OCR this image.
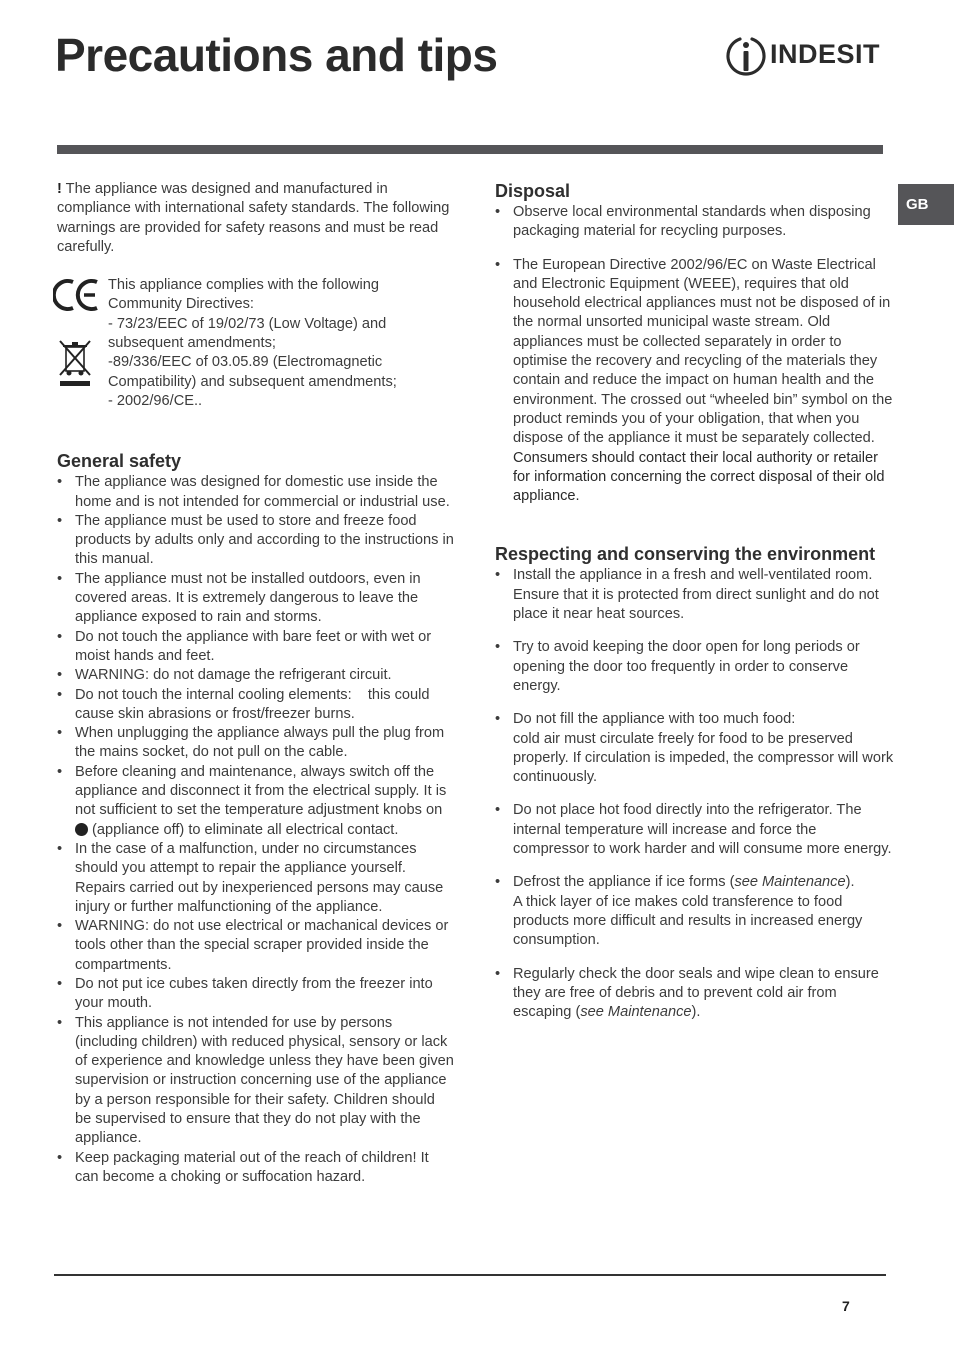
Precautions and tips	INDESIT
GB

! The appliance was designed and manufactured in compliance with international safety standards. The following warnings are provided for safety reasons and must be read carefully.

This appliance complies with the following Community Directives:

- 73/23/EEC of 19/02/73 (Low Voltage) and subsequent amendments;

-89/336/EEC of 03.05.89 (Electromagnetic Compatibility) and subsequent amendments;

- 2002/96/CE..

General safety
• The appliance was designed for domestic use inside the home and is not intended for commercial or industrial use.
• The appliance must be used to store and freeze food products by adults only and according to the instructions in this manual.
• The appliance must not be installed outdoors, even in covered areas. It is extremely dangerous to leave the appliance exposed to rain and storms.
• Do not touch the appliance with bare feet or with wet or moist hands and feet.
• WARNING: do not damage the refrigerant circuit.
• Do not touch the internal cooling elements:    this could cause skin abrasions or frost/freezer burns.
• When unplugging the appliance always pull the plug from the mains socket, do not pull on the cable.
• Before cleaning and maintenance, always switch off the appliance and disconnect it from the electrical supply. It is not sufficient to set the temperature adjustment knobs on  (appliance off) to eliminate all electrical contact.
• In the case of a malfunction, under no circumstances should you attempt to repair the appliance yourself. Repairs carried out by inexperienced persons may cause injury or further malfunctioning of the appliance.
• WARNING: do not use electrical or machanical devices or tools other than the special scraper provided inside the compartments.
• Do not put ice cubes taken directly from the freezer into your mouth.
• This appliance is not intended for use by persons (including children) with reduced physical, sensory or lack of experience and knowledge unless they have been given supervision or instruction concerning use of the appliance by a person responsible for their safety. Children should be supervised to ensure that they do not play with the appliance.
• Keep packaging material out of the reach of children! It can become a choking or suffocation hazard.
Disposal
• Observe local environmental standards when disposing packaging material for recycling purposes.

• The European Directive 2002/96/EC on Waste Electrical and Electronic Equipment (WEEE), requires that old household electrical appliances must not be disposed of in the normal unsorted municipal waste stream. Old appliances must be collected separately in order to optimise the recovery and recycling of the materials they contain and reduce the impact on human health and the environment. The crossed out “wheeled bin” symbol on the product reminds you of your obligation, that when you dispose of the appliance it must be separately collected.

Consumers should contact their local authority or retailer for information concerning the correct disposal of their old appliance.

Respecting and conserving the environment
• Install the appliance in a fresh and well-ventilated room. Ensure that it is protected from direct sunlight and do not place it near heat sources.
• Try to avoid keeping the door open for long periods or opening the door too frequently in order to conserve energy.

• Do not fill the appliance with too much food:

cold air must circulate freely for food to be preserved properly. If circulation is impeded, the compressor will work continuously.

• Do not place hot food directly into the refrigerator. The internal temperature will increase and force the compressor to work harder and will consume more energy.

• Defrost the appliance if ice forms (see Maintenance).

A thick layer of ice makes cold transference to food products more difficult and results in increased energy consumption.

• Regularly check the door seals and wipe clean to ensure they are free of debris and to prevent cold air from escaping (see Maintenance).
7
